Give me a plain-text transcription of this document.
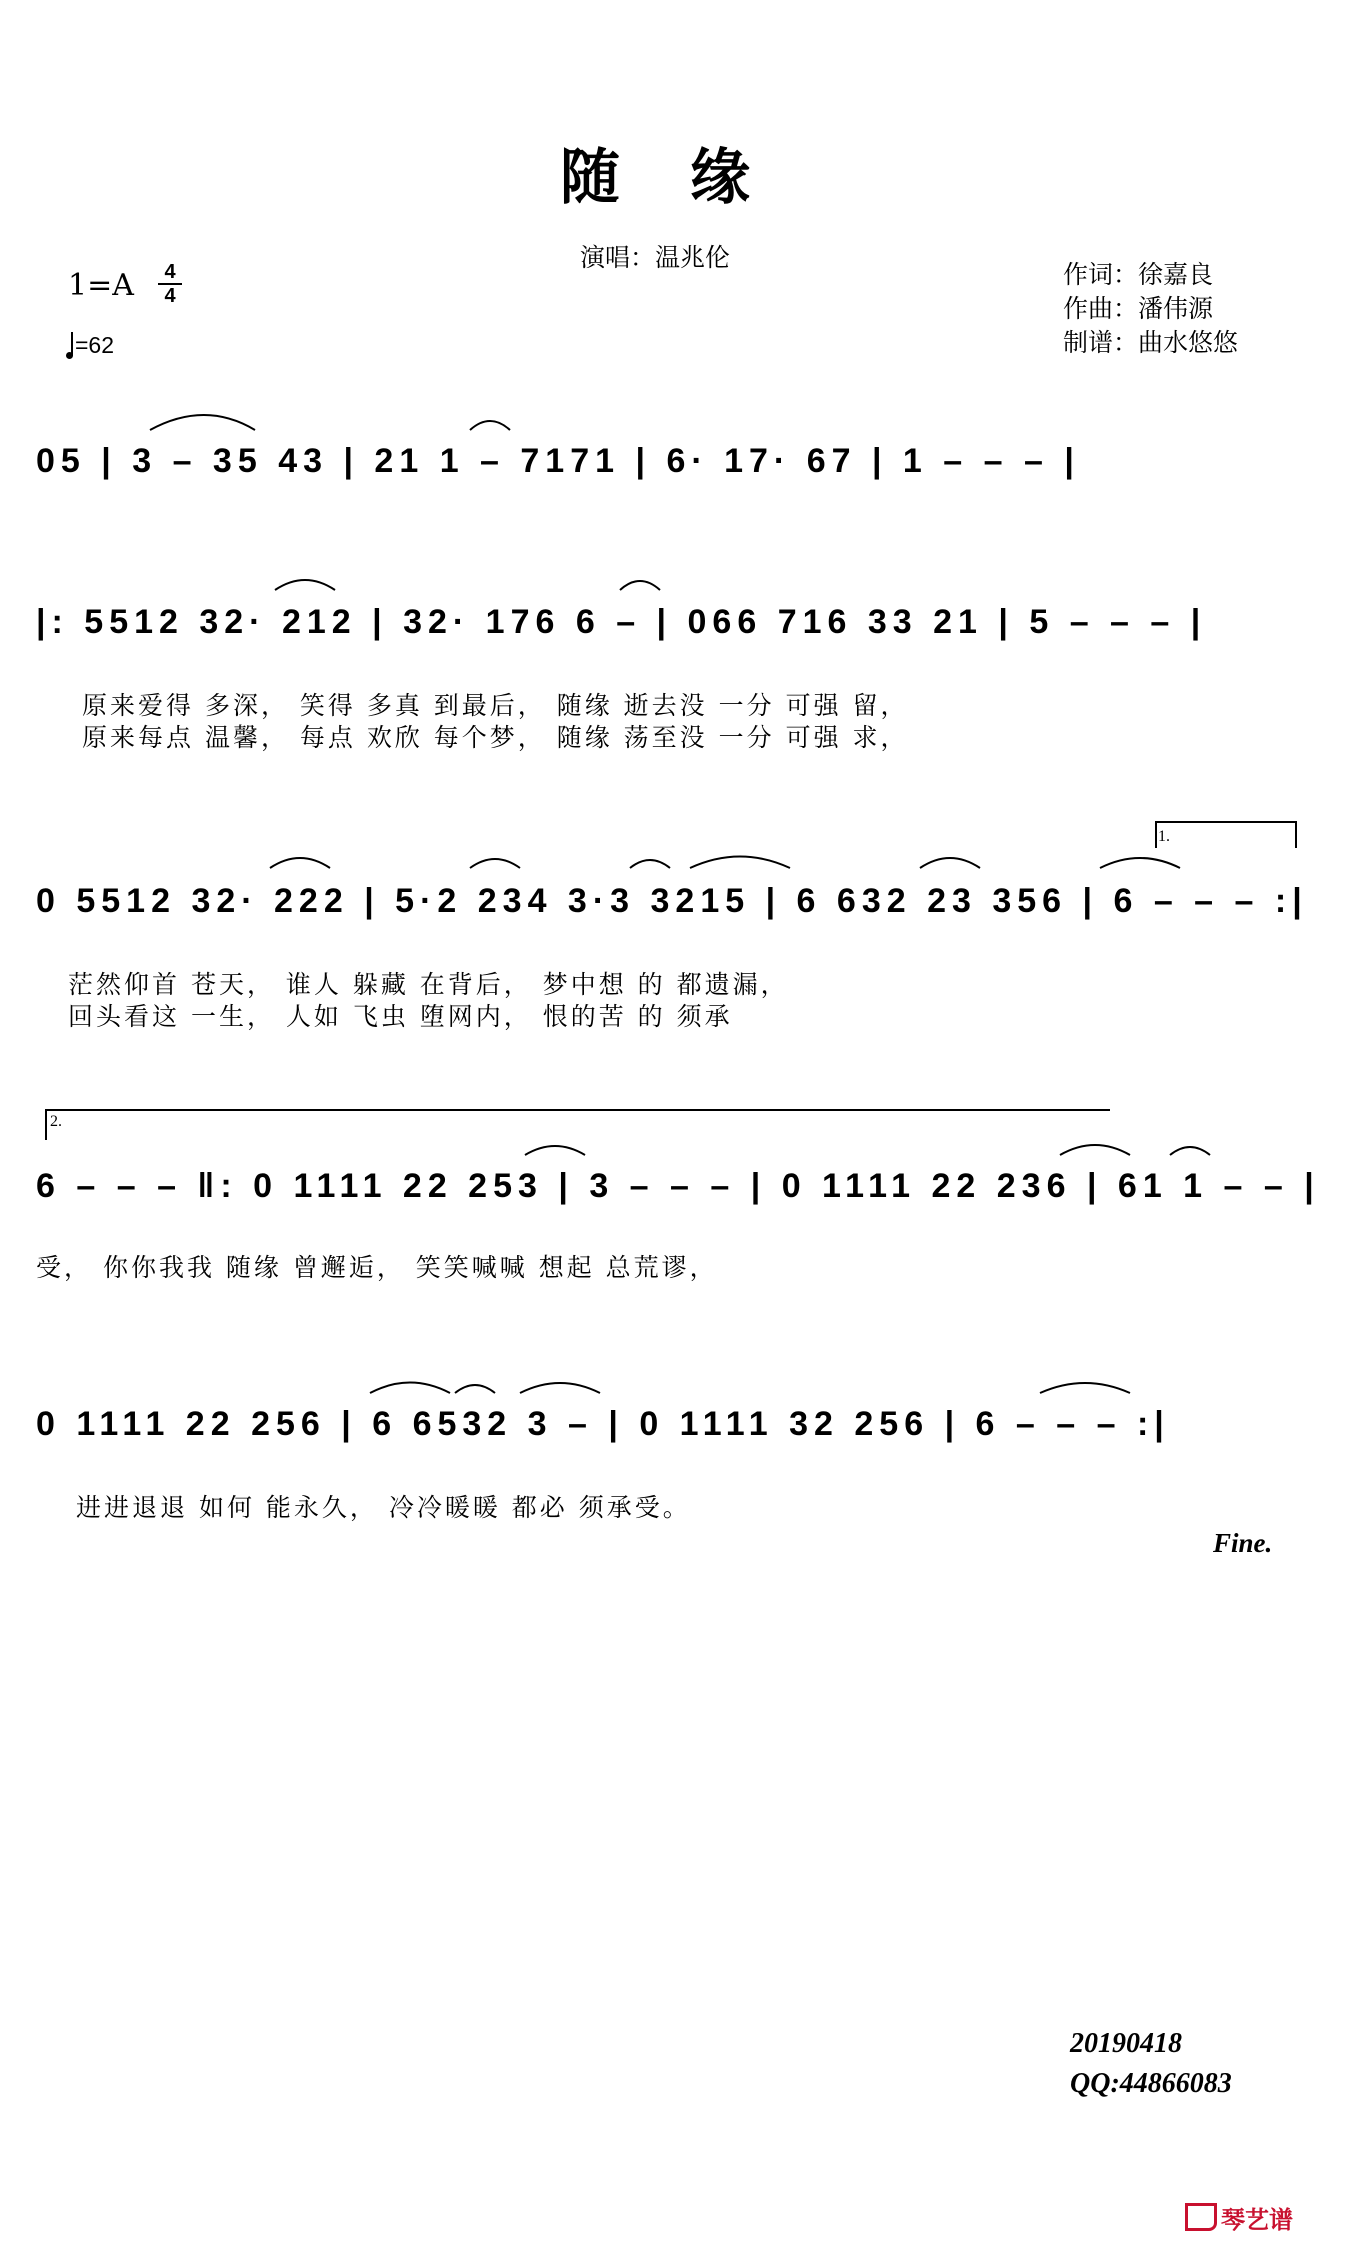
随缘
演唱：温兆伦
作词：徐嘉良
作曲：潘伟源
制谱：曲水悠悠
1=A	4
4
=62
05 | 3 – 35 43 | 21 1 – 7171 | 6· 17· 67 | 1 – – – |
|: 5512 32· 212 | 32· 176 6 – | 066 716 33 21 | 5 – – – |
原来爱得 多深， 笑得 多真 到最后， 随缘 逝去没 一分 可强 留，
原来每点 温馨， 每点 欢欣 每个梦， 随缘 荡至没 一分 可强 求，
0 5512 32· 222 | 5·2 234 3·3 3215 | 6 632 23 356 | 6 – – – :|
1.
茫然仰首 苍天， 谁人 躲藏 在背后， 梦中想 的 都遗漏，
回头看这 一生， 人如 飞虫 堕网内， 恨的苦 的 须承
6 – – – ‖: 0 1111 22 253 | 3 – – – | 0 1111 22 236 | 61 1 – – |
2.
受， 你你我我 随缘 曾邂逅， 笑笑喊喊 想起 总荒谬，
0 1111 22 256 | 6 6532 3 – | 0 1111 32 256 | 6 – – – :|
进进退退 如何 能永久， 冷冷暖暖 都必 须承受。
Fine.
20190418
QQ:44866083
琴艺谱
